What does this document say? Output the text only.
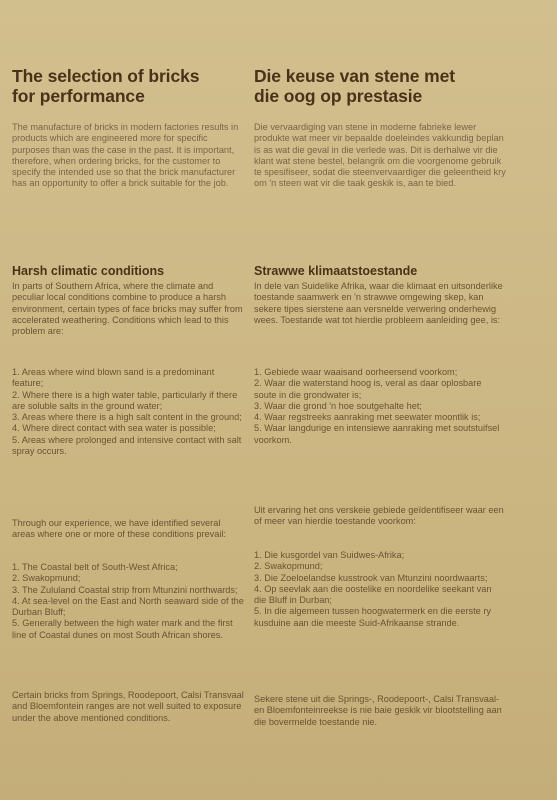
The selection of bricks
for performance

The manufacture of bricks in modern factories results in products which are engineered more for specific purposes than was the case in the past. It is important, therefore, when ordering bricks, for the customer to specify the intended use so that the brick manufacturer has an opportunity to offer a brick suitable for the job.

Harsh climatic conditions

In parts of Southern Africa, where the climate and peculiar local conditions combine to produce a harsh environment, certain types of face bricks may suffer from accelerated weathering. Conditions which lead to this problem are:

1. Areas where wind blown sand is a predominant feature;
2. Where there is a high water table, particularly if there are soluble salts in the ground water;
3. Areas where there is a high salt content in the ground;
4. Where direct contact with sea water is possible;
5. Areas where prolonged and intensive contact with salt spray occurs.

Through our experience, we have identified several areas where one or more of these conditions prevail:

1. The Coastal belt of South-West Africa;
2. Swakopmund;
3. The Zululand Coastal strip from Mtunzini northwards;
4. At sea-level on the East and North seaward side of the Durban Bluff;
5. Generally between the high water mark and the first line of Coastal dunes on most South African shores.

Certain bricks from Springs, Roodepoort, Calsi Transvaal and Bloemfontein ranges are not well suited to exposure under the above mentioned conditions.

Die keuse van stene met
die oog op prestasie

Die vervaardiging van stene in moderne fabrieke lewer produkte wat meer vir bepaalde doeleindes vakkundig beplan is as wat die geval in die verlede was. Dit is derhalwe vir die klant wat stene bestel, belangrik om die voorgenome gebruik te spesifiseer, sodat die steenvervaardiger die geleentheid kry om 'n steen wat vir die taak geskik is, aan te bied.

Strawwe klimaatstoestande

In dele van Suidelike Afrika, waar die klimaat en uitsonderlike toestande saamwerk en 'n strawwe omgewing skep, kan sekere tipes sierstene aan versnelde verwering onderhewig wees. Toestande wat tot hierdie probleem aanleiding gee, is:

1. Gebiede waar waaisand oorheersend voorkom;
2. Waar die waterstand hoog is, veral as daar oplosbare soute in die grondwater is;
3. Waar die grond 'n hoe soutgehalte het;
4. Waar regstreeks aanraking met seewater moontlik is;
5. Waar langdurige en intensiewe aanraking met soutstuifsel voorkom.

Uit ervaring het ons verskeie gebiede geïdentifiseer waar een of meer van hierdie toestande voorkom:

1. Die kusgordel van Suidwes-Afrika;
2. Swakopmund;
3. Die Zoeloelandse kusstrook van Mtunzini noordwaarts;
4. Op seevlak aan die oostelike en noordelike seekant van die Bluff in Durban;
5. In die algemeen tussen hoogwatermerk en die eerste ry kusduine aan die meeste Suid-Afrikaanse strande.

Sekere stene uit die Springs-, Roodepoort-, Calsi Transvaal- en Bloemfonteinreekse is nie baie geskik vir blootstelling aan die bovermelde toestande nie.
